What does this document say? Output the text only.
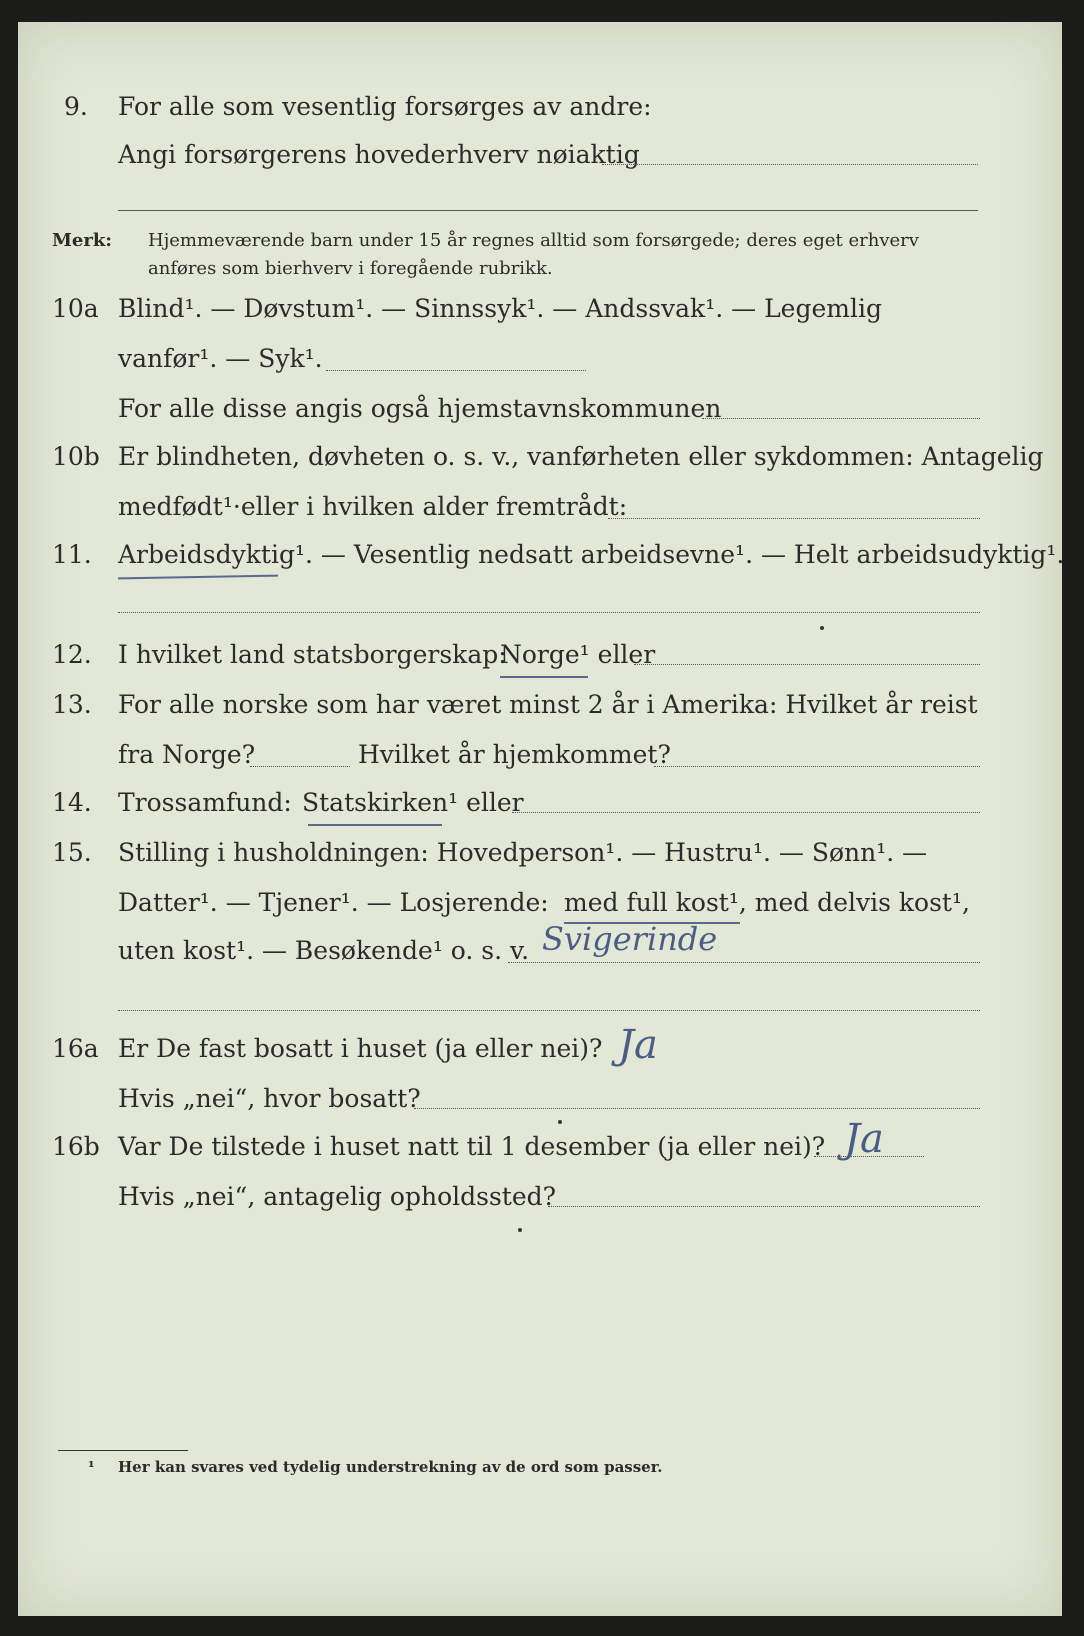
9. For alle som vesentlig forsørges av andre:
Angi forsørgerens hovederhverv nøiaktig
Merk: Hjemmeværende barn under 15 år regnes alltid som forsørgede; deres eget erhverv
anføres som bierhverv i foregående rubrikk.
10a Blind¹. — Døvstum¹. — Sinnssyk¹. — Andssvak¹. — Legemlig
vanfør¹. — Syk¹.
For alle disse angis også hjemstavnskommunen
10b Er blindheten, døvheten o. s. v., vanførheten eller sykdommen: Antagelig
medfødt¹·eller i hvilken alder fremtrådt:
11. Arbeidsdyktig¹. — Vesentlig nedsatt arbeidsevne¹. — Helt arbeidsudyktig¹.
12. I hvilket land statsborgerskap:
Norge¹ eller
13. For alle norske som har været minst 2 år i Amerika: Hvilket år reist
fra Norge?	Hvilket år hjemkommet?
14. Trossamfund: Statskirken¹ eller
15. Stilling i husholdningen: Hovedperson¹. — Hustru¹. — Sønn¹. —
Datter¹. — Tjener¹. — Losjerende: med full kost¹, med delvis kost¹,
uten kost¹. — Besøkende¹ o. s. v. Svigerinde
16a Er De fast bosatt i huset (ja eller nei)? Ja
Hvis „nei“, hvor bosatt?
16b Var De tilstede i huset natt til 1 desember (ja eller nei)? Ja
Hvis „nei“, antagelig opholdssted?
¹ Her kan svares ved tydelig understrekning av de ord som passer.
